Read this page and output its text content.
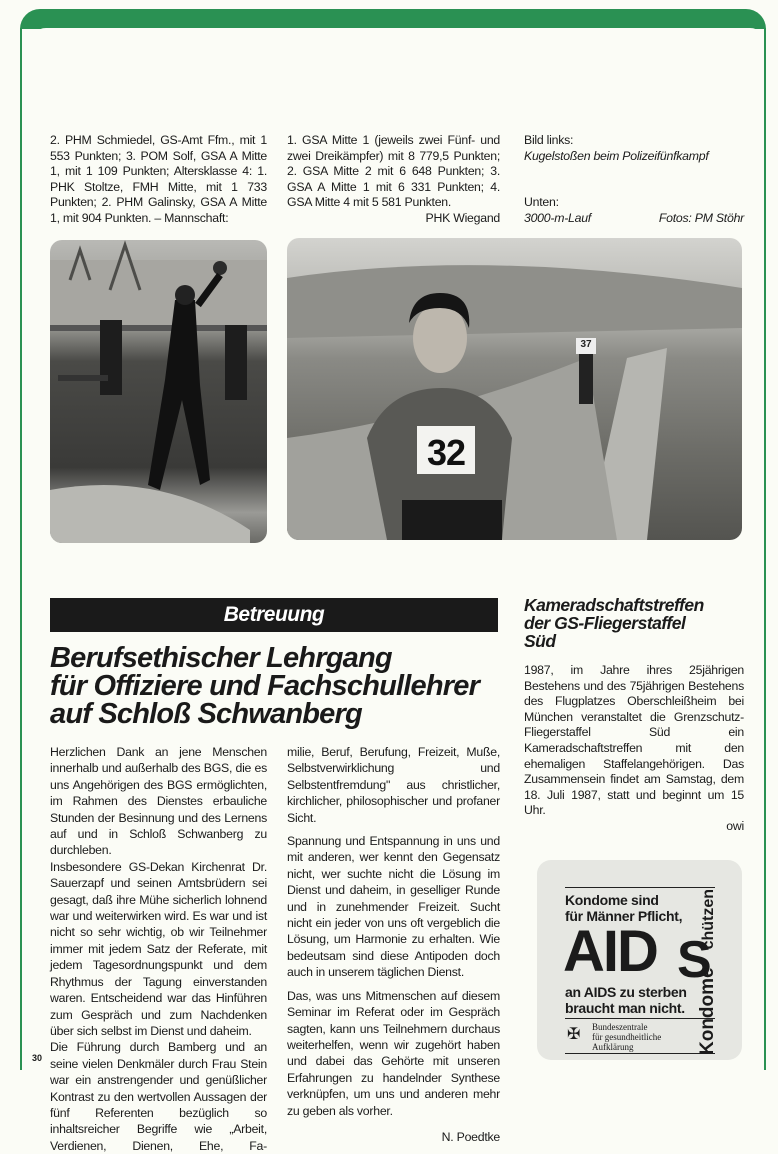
2. PHM Schmiedel, GS-Amt Ffm., mit 1 553 Punkten; 3. POM Solf, GSA A Mitte 1, mit 1 109 Punkten; Altersklasse 4: 1. PHK Stoltze, FMH Mitte, mit 1 733 Punkten; 2. PHM Galinsky, GSA A Mitte 1, mit 904 Punkten. – Mannschaft:
1. GSA Mitte 1 (jeweils zwei Fünf- und zwei Dreikämpfer) mit 8 779,5 Punkten; 2. GSA Mitte 2 mit 6 648 Punkten; 3. GSA A Mitte 1 mit 6 331 Punkten; 4. GSA Mitte 4 mit 5 581 Punkten.
PHK Wiegand
Bild links:
Kugelstoßen beim Polizeifünfkampf
Unten:
3000-m-Lauf	Fotos: PM Stöhr
32
37
Betreuung
Berufsethischer Lehrgang
für Offiziere und Fachschullehrer
auf Schloß Schwanberg
Herzlichen Dank an jene Menschen innerhalb und außerhalb des BGS, die es uns Angehörigen des BGS ermöglichten, im Rahmen des Dienstes erbauliche Stunden der Besinnung und des Lernens auf und in Schloß Schwanberg zu durchleben.
Insbesondere GS-Dekan Kirchenrat Dr. Sauerzapf und seinen Amtsbrüdern sei gesagt, daß ihre Mühe sicherlich lohnend war und weiterwirken wird. Es war und ist nicht so sehr wichtig, ob wir Teilnehmer immer mit jedem Satz der Referate, mit jedem Tagesordnungspunkt und dem Rhythmus der Tagung einverstanden waren. Entscheidend war das Hinführen zum Gespräch und zum Nachdenken über sich selbst im Dienst und daheim.
Die Führung durch Bamberg und an seine vielen Denkmäler durch Frau Stein war ein anstrengender und genüßlicher Kontrast zu den wertvollen Aussagen der fünf Referenten bezüglich so inhaltsreicher Begriffe wie „Arbeit, Verdienen, Dienen, Ehe, Fa-

milie, Beruf, Berufung, Freizeit, Muße, Selbstverwirklichung und Selbstentfremdung" aus christlicher, kirchlicher, philosophischer und profaner Sicht.

Spannung und Entspannung in uns und mit anderen, wer kennt den Gegensatz nicht, wer suchte nicht die Lösung im Dienst und daheim, in geselliger Runde und in zunehmender Freizeit. Sucht nicht ein jeder von uns oft vergeblich die Lösung, um Harmonie zu erhalten. Wie bedeutsam sind diese Antipoden doch auch in unserem täglichen Dienst.

Das, was uns Mitmenschen auf diesem Seminar im Referat oder im Gespräch sagten, kann uns Teilnehmern durchaus weiterhelfen, wenn wir zugehört haben und dabei das Gehörte mit unseren Erfahrungen zu handelnder Synthese verknüpfen, um uns und anderen mehr zu geben als vorher.

N. Poedtke
30
Kameradschaftstreffen
der GS-Fliegerstaffel
Süd
1987, im Jahre ihres 25jährigen Bestehens und des 75jährigen Bestehens des Flugplatzes Oberschleißheim bei München veranstaltet die Grenzschutz-Fliegerstaffel Süd ein Kameradschaftstreffen mit den ehemaligen Staffelangehörigen. Das Zusammensein findet am Samstag, dem 18. Juli 1987, statt und beginnt um 15 Uhr.
owi
Kondome sind
für Männer Pflicht,
AID S
an AIDS zu sterben
braucht man nicht.
✠ Bundeszentrale
für gesundheitliche
Aufklärung	Kondomechützen
